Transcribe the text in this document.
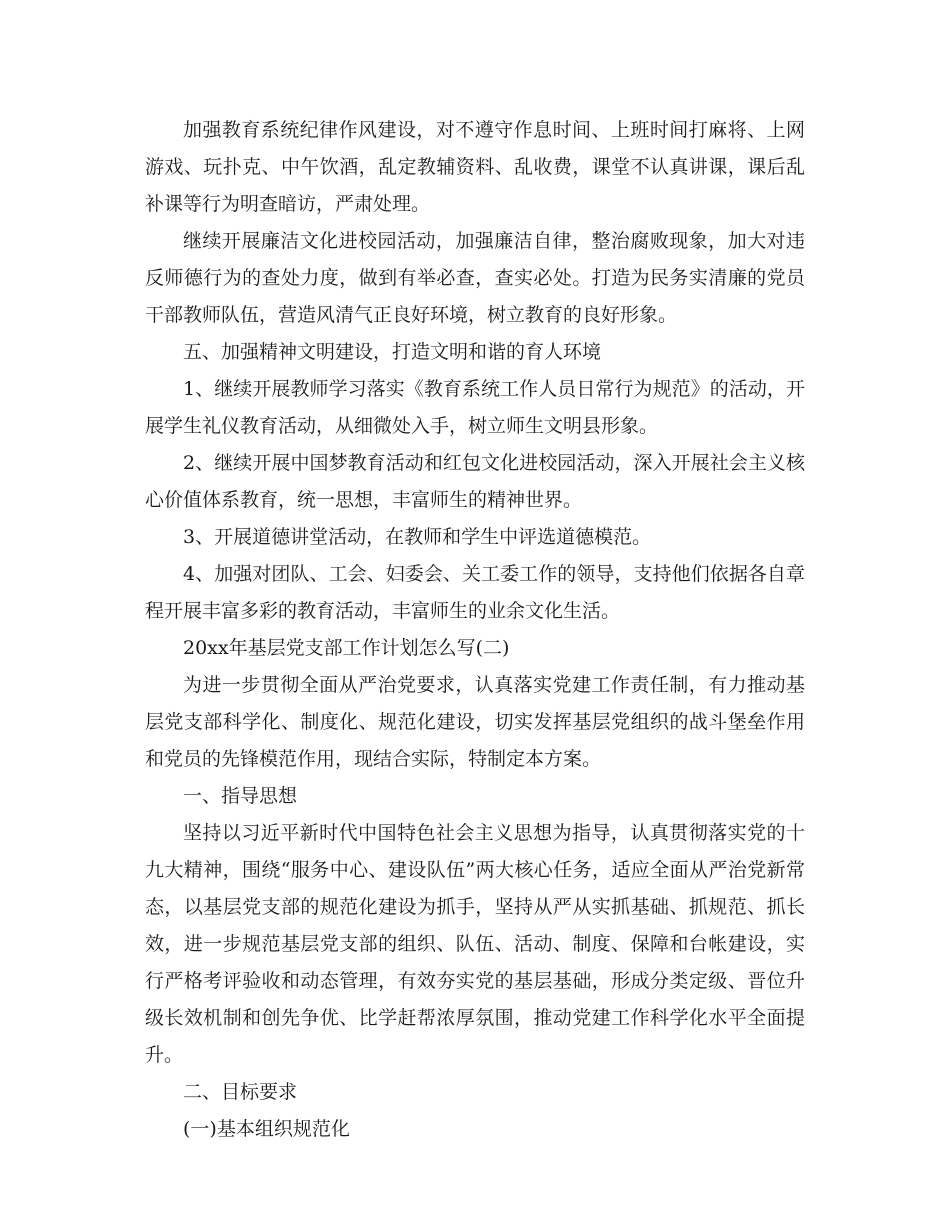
加强教育系统纪律作风建设，对不遵守作息时间、上班时间打麻将、上网游戏、玩扑克、中午饮酒，乱定教辅资料、乱收费，课堂不认真讲课，课后乱补课等行为明查暗访，严肃处理。

继续开展廉洁文化进校园活动，加强廉洁自律，整治腐败现象，加大对违反师德行为的查处力度，做到有举必查，查实必处。打造为民务实清廉的党员干部教师队伍，营造风清气正良好环境，树立教育的良好形象。

五、加强精神文明建设，打造文明和谐的育人环境

1、继续开展教师学习落实《教育系统工作人员日常行为规范》的活动，开展学生礼仪教育活动，从细微处入手，树立师生文明县形象。

2、继续开展中国梦教育活动和红包文化进校园活动，深入开展社会主义核心价值体系教育，统一思想，丰富师生的精神世界。

3、开展道德讲堂活动，在教师和学生中评选道德模范。

4、加强对团队、工会、妇委会、关工委工作的领导，支持他们依据各自章程开展丰富多彩的教育活动，丰富师生的业余文化生活。

20xx年基层党支部工作计划怎么写(二)

为进一步贯彻全面从严治党要求，认真落实党建工作责任制，有力推动基层党支部科学化、制度化、规范化建设，切实发挥基层党组织的战斗堡垒作用和党员的先锋模范作用，现结合实际，特制定本方案。

一、指导思想

坚持以习近平新时代中国特色社会主义思想为指导，认真贯彻落实党的十九大精神，围绕“服务中心、建设队伍”两大核心任务，适应全面从严治党新常态，以基层党支部的规范化建设为抓手，坚持从严从实抓基础、抓规范、抓长效，进一步规范基层党支部的组织、队伍、活动、制度、保障和台帐建设，实行严格考评验收和动态管理，有效夯实党的基层基础，形成分类定级、晋位升级长效机制和创先争优、比学赶帮浓厚氛围，推动党建工作科学化水平全面提升。

二、目标要求

(一)基本组织规范化
